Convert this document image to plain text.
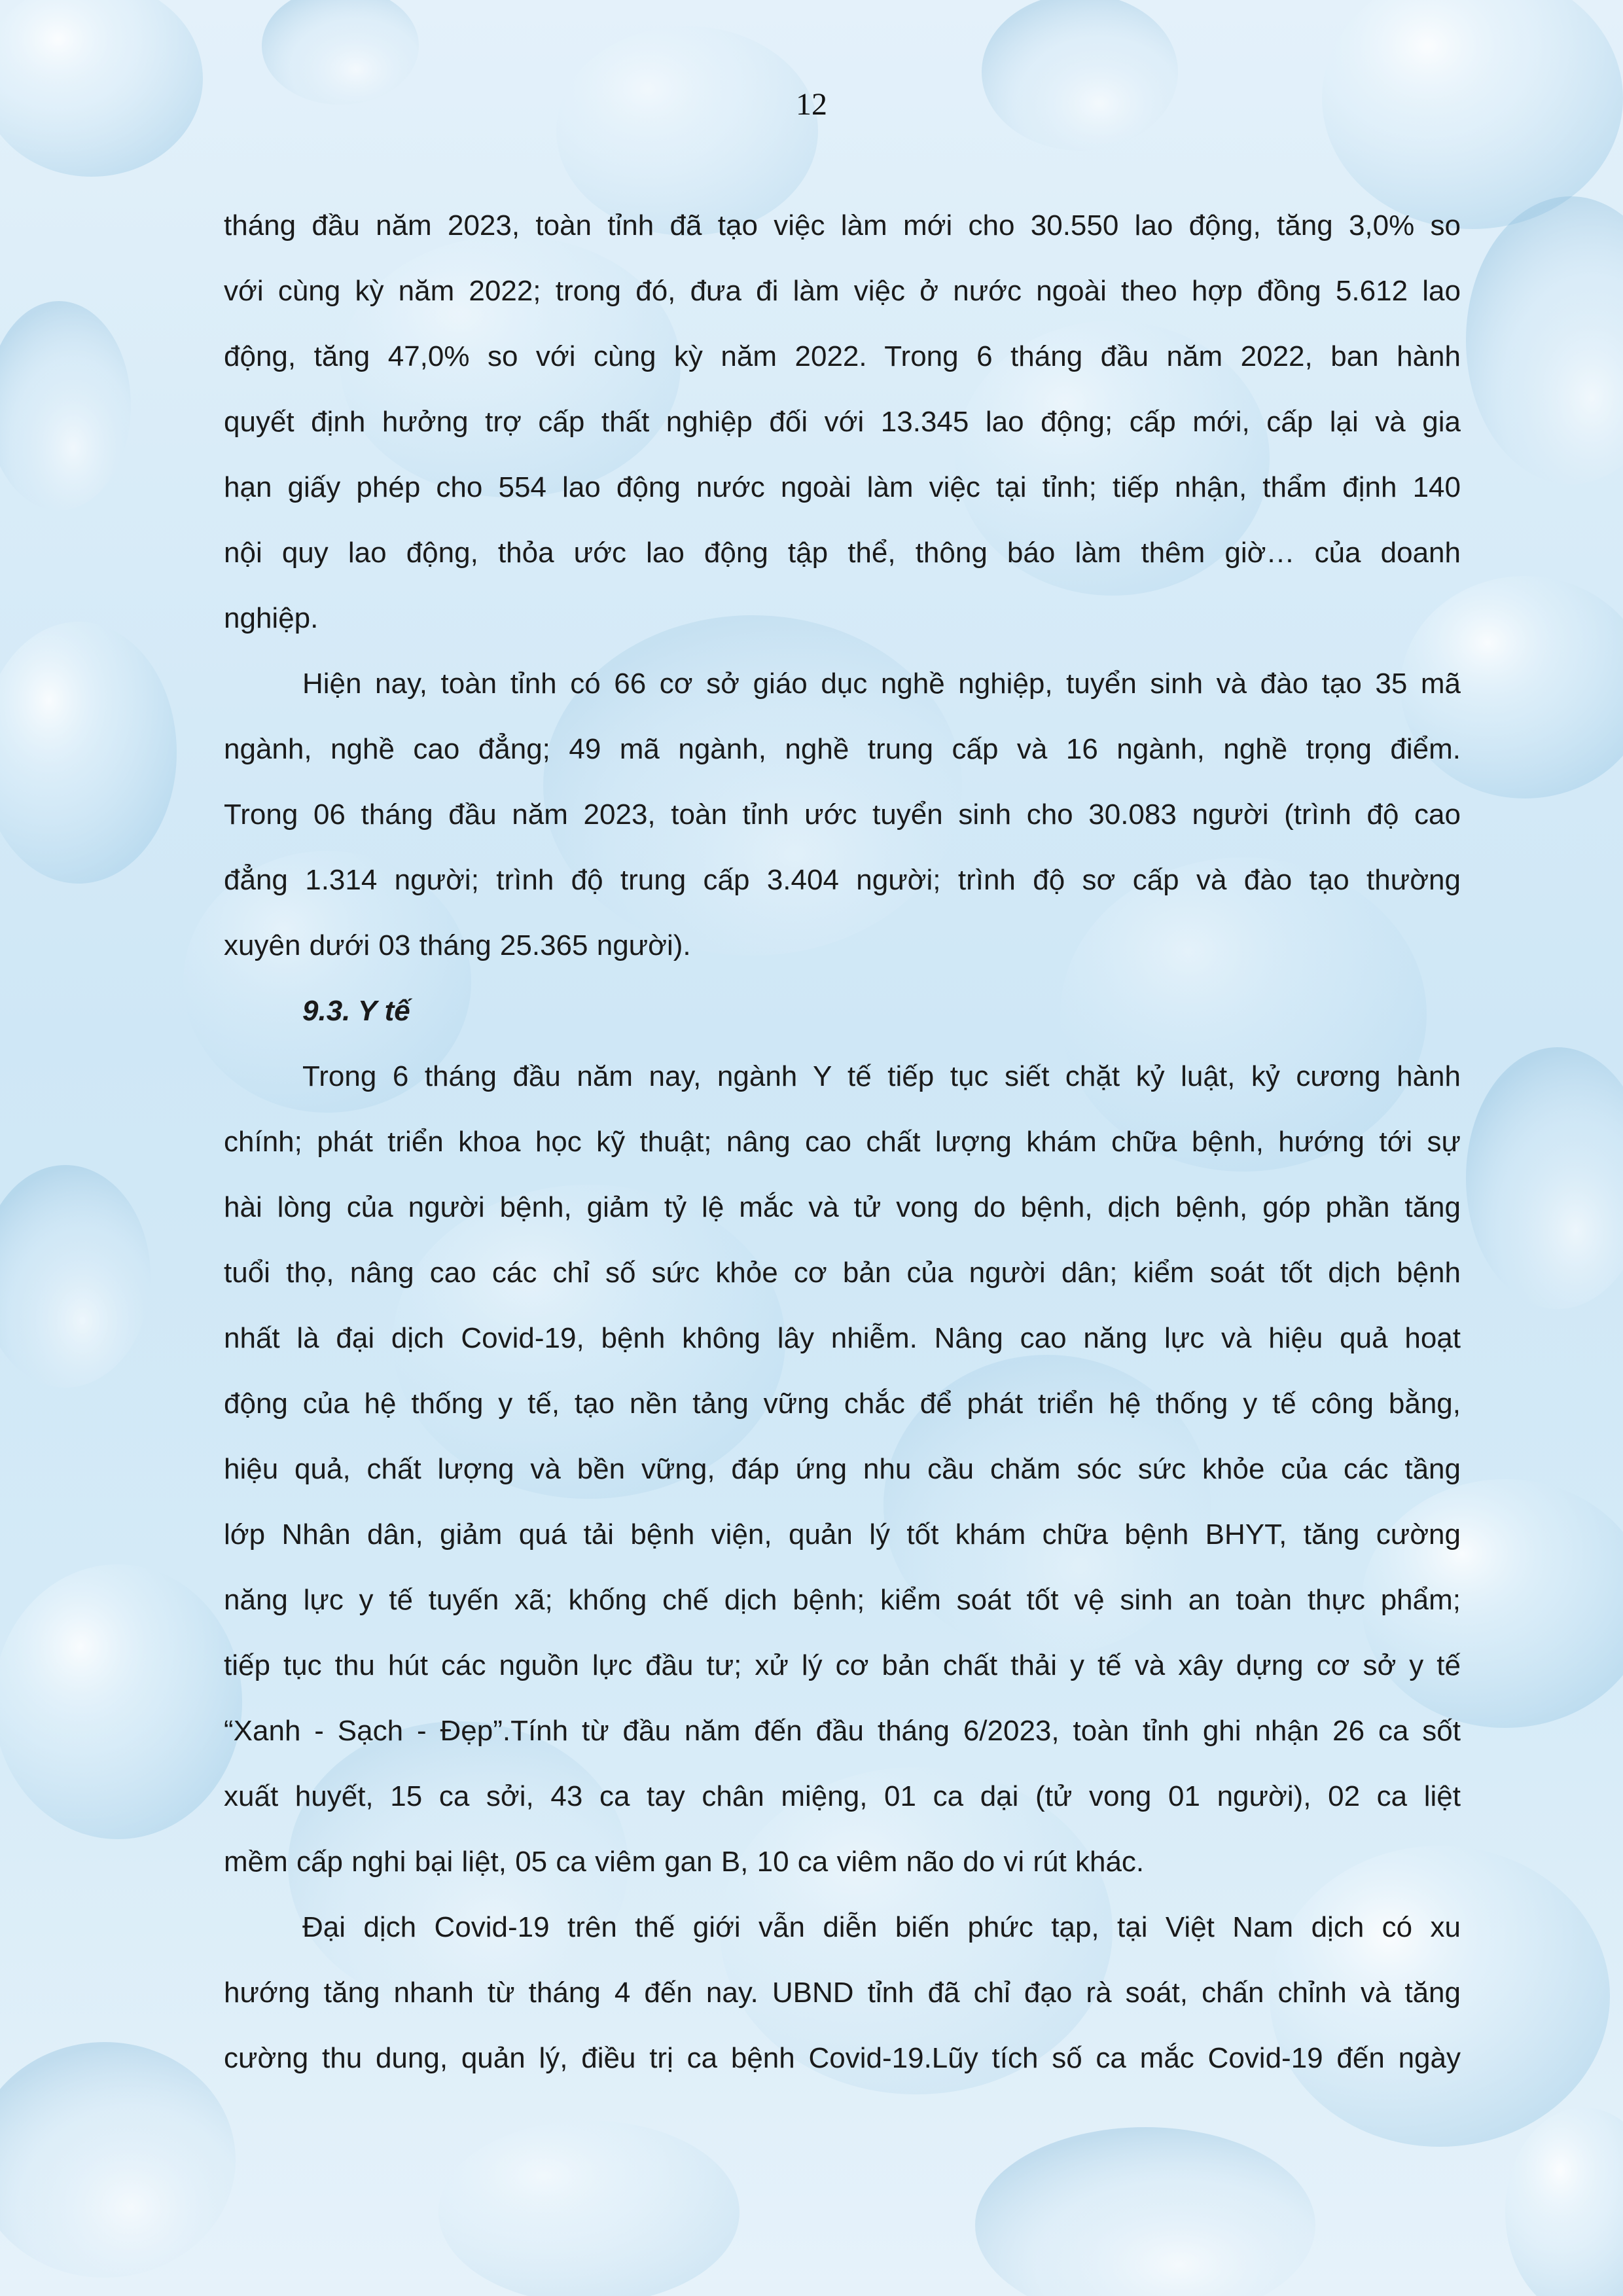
12
tháng đầu năm 2023, toàn tỉnh đã tạo việc làm mới cho 30.550 lao động, tăng 3,0% so
với cùng kỳ năm 2022; trong đó, đưa đi làm việc ở nước ngoài theo hợp đồng 5.612 lao
động, tăng 47,0% so với cùng kỳ năm 2022. Trong 6 tháng đầu năm 2022, ban hành
quyết định hưởng trợ cấp thất nghiệp đối với 13.345 lao động; cấp mới, cấp lại và gia
hạn giấy phép cho 554 lao động nước ngoài làm việc tại tỉnh; tiếp nhận, thẩm định 140
nội quy lao động, thỏa ước lao động tập thể, thông báo làm thêm giờ… của doanh
nghiệp.
Hiện nay, toàn tỉnh có 66 cơ sở giáo dục nghề nghiệp, tuyển sinh và đào tạo 35 mã
ngành, nghề cao đẳng; 49 mã ngành, nghề trung cấp và 16 ngành, nghề trọng điểm.
Trong 06 tháng đầu năm 2023, toàn tỉnh ước tuyển sinh cho 30.083 người (trình độ cao
đẳng 1.314 người; trình độ trung cấp 3.404 người; trình độ sơ cấp và đào tạo thường
xuyên dưới 03 tháng 25.365 người).
9.3. Y tế
Trong 6 tháng đầu năm nay, ngành Y tế tiếp tục siết chặt kỷ luật, kỷ cương hành
chính; phát triển khoa học kỹ thuật; nâng cao chất lượng khám chữa bệnh, hướng tới sự
hài lòng của người bệnh, giảm tỷ lệ mắc và tử vong do bệnh, dịch bệnh, góp phần tăng
tuổi thọ, nâng cao các chỉ số sức khỏe cơ bản của người dân; kiểm soát tốt dịch bệnh
nhất là đại dịch Covid-19, bệnh không lây nhiễm. Nâng cao năng lực và hiệu quả hoạt
động của hệ thống y tế, tạo nền tảng vững chắc để phát triển hệ thống y tế công bằng,
hiệu quả, chất lượng và bền vững, đáp ứng nhu cầu chăm sóc sức khỏe của các tầng
lớp Nhân dân, giảm quá tải bệnh viện, quản lý tốt khám chữa bệnh BHYT, tăng cường
năng lực y tế tuyến xã; khống chế dịch bệnh; kiểm soát tốt vệ sinh an toàn thực phẩm;
tiếp tục thu hút các nguồn lực đầu tư; xử lý cơ bản chất thải y tế và xây dựng cơ sở y tế
“Xanh - Sạch - Đẹp”.Tính từ đầu năm đến đầu tháng 6/2023, toàn tỉnh ghi nhận 26 ca sốt
xuất huyết, 15 ca sởi, 43 ca tay chân miệng, 01 ca dại (tử vong 01 người), 02 ca liệt
mềm cấp nghi bại liệt, 05 ca viêm gan B, 10 ca viêm não do vi rút khác.
Đại dịch Covid-19 trên thế giới vẫn diễn biến phức tạp, tại Việt Nam dịch có xu
hướng tăng nhanh từ tháng 4 đến nay. UBND tỉnh đã chỉ đạo rà soát, chấn chỉnh và tăng
cường thu dung, quản lý, điều trị ca bệnh Covid-19.Lũy tích số ca mắc Covid-19 đến ngày
